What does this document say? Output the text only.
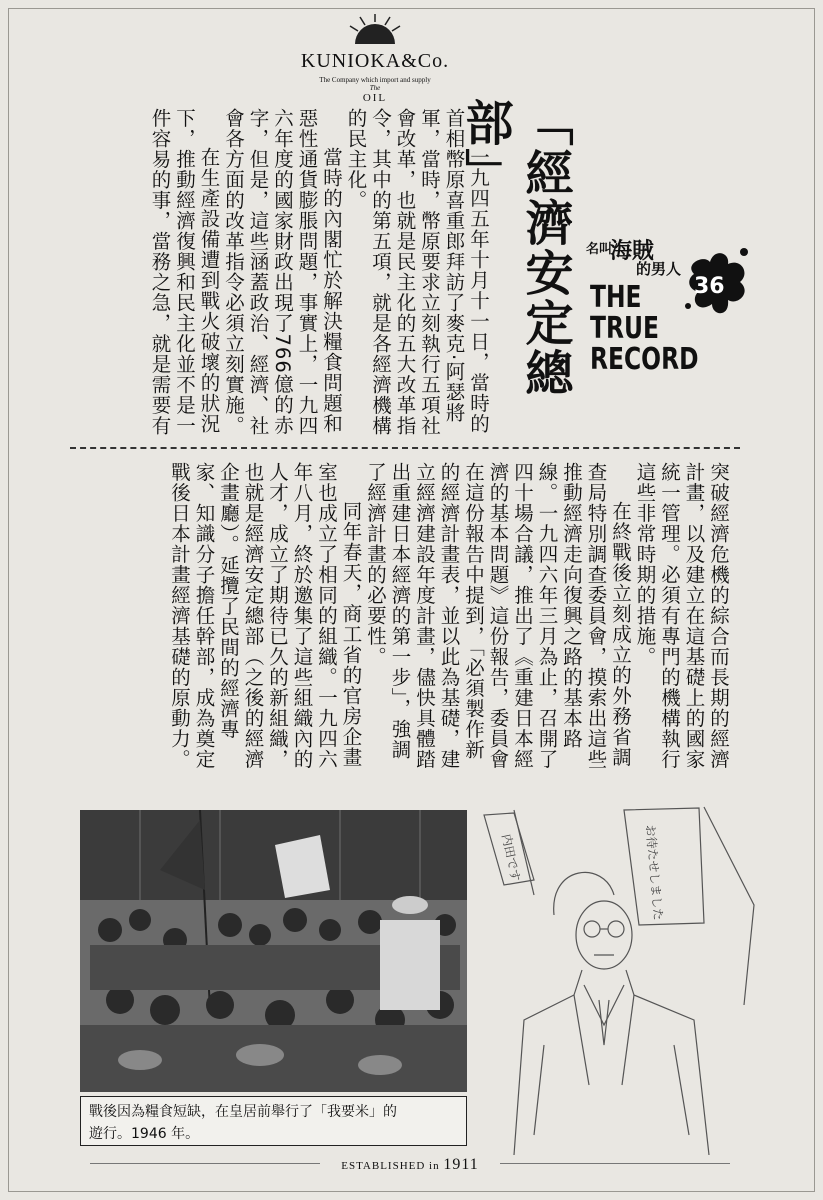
KUNIOKA&Co.
The Company which import and supply
The
OIL	「經濟安定總部」
名叫
海賊
的男人
36
THE
TRUE
RECORD

一九四五年十月十一日，當時的首相幣原喜重郎拜訪了麥克·阿瑟將軍，當時，幣原要求立刻執行五項社會改革，也就是民主化的五大改革指令，其中的第五項，就是各經濟機構的民主化。

當時的內閣忙於解決糧食問題和惡性通貨膨脹問題，事實上，一九四六年度的國家財政出現了766億的赤字，但是，這些涵蓋政治、經濟、社會各方面的改革指令必須立刻實施。

在生產設備遭到戰火破壞的狀況下，推動經濟復興和民主化並不是一件容易的事，當務之急，就是需要有

突破經濟危機的綜合而長期的經濟計畫，以及建立在這基礎上的國家統一管理。必須有專門的機構執行這些非常時期的措施。

在終戰後立刻成立的外務省調查局特別調查委員會，摸索出這些推動經濟走向復興之路的基本路線。一九四六年三月為止，召開了四十場合議，推出了《重建日本經濟的基本問題》這份報告，委員會在這份報告中提到，「必須製作新的經濟計畫表，並以此為基礎，建立經濟建設年度計畫，儘快具體踏出重建日本經濟的第一步」，強調了經濟計畫的必要性。

同年春天，商工省的官房企畫室也成立了相同的組織。一九四六年八月，終於邀集了這些組織內的人才，成立了期待已久的新組織，也就是經濟安定總部（之後的經濟企畫廳）。延攬了民間的經濟專家、知識分子擔任幹部，成為奠定戰後日本計畫經濟基礎的原動力。

戰後因為糧食短缺，在皇居前舉行了「我要米」的
遊行。1946 年。
内田です	お待たせしました
ESTABLISHED in 1911
